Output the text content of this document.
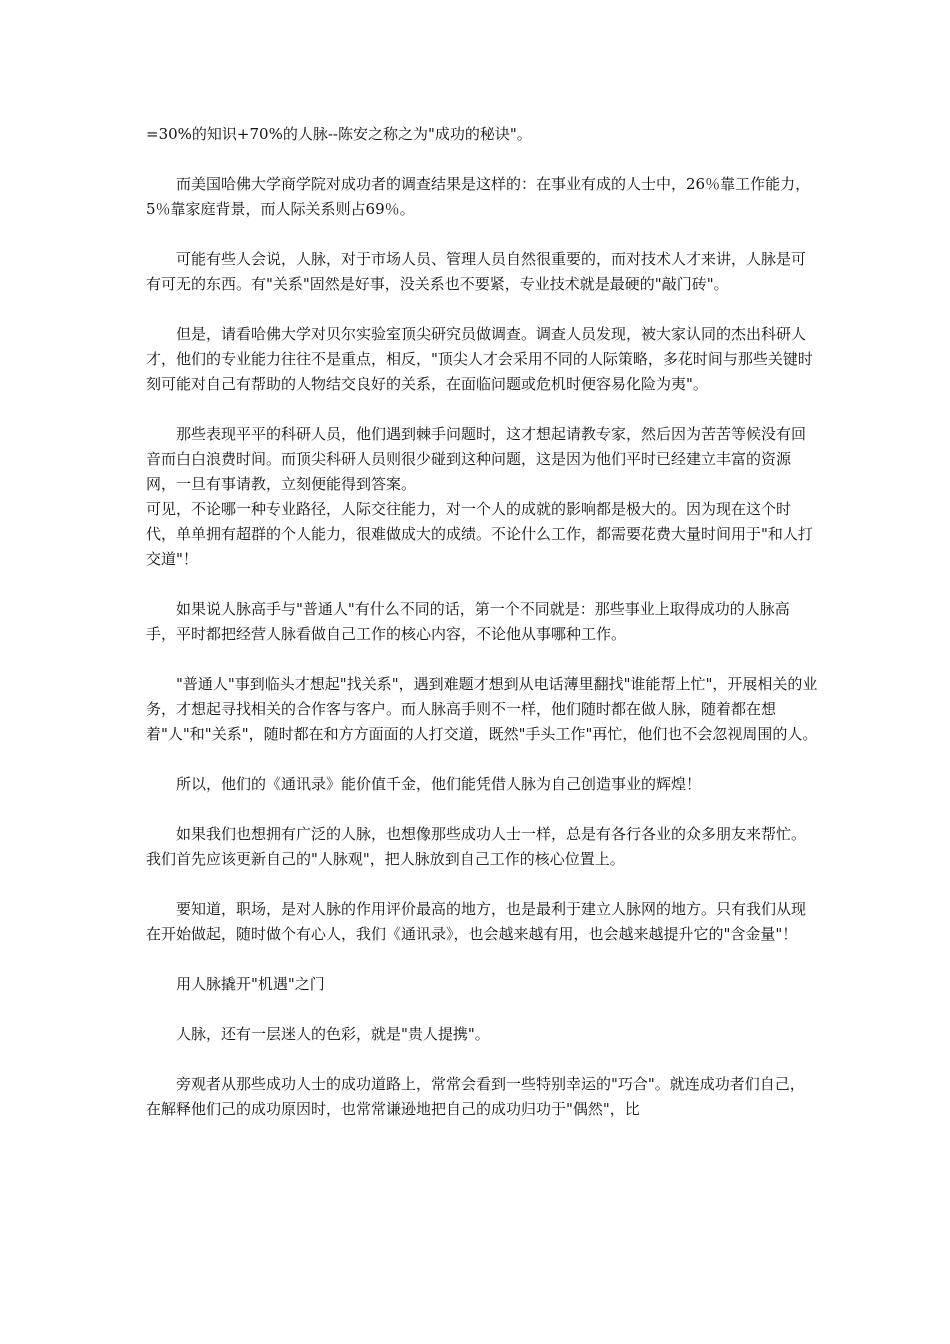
=30%的知识+70%的人脉--陈安之称之为"成功的秘诀"。

而美国哈佛大学商学院对成功者的调查结果是这样的：在事业有成的人士中，26％靠工作能力，5％靠家庭背景，而人际关系则占69％。

可能有些人会说，人脉，对于市场人员、管理人员自然很重要的，而对技术人才来讲，人脉是可有可无的东西。有"关系"固然是好事，没关系也不要紧，专业技术就是最硬的"敲门砖"。

但是，请看哈佛大学对贝尔实验室顶尖研究员做调查。调查人员发现，被大家认同的杰出科研人才，他们的专业能力往往不是重点，相反，"顶尖人才会采用不同的人际策略，多花时间与那些关键时刻可能对自己有帮助的人物结交良好的关系，在面临问题或危机时便容易化险为夷"。

那些表现平平的科研人员，他们遇到棘手问题时，这才想起请教专家，然后因为苦苦等候没有回音而白白浪费时间。而顶尖科研人员则很少碰到这种问题，这是因为他们平时已经建立丰富的资源网，一旦有事请教，立刻便能得到答案。

可见，不论哪一种专业路径，人际交往能力，对一个人的成就的影响都是极大的。因为现在这个时代，单单拥有超群的个人能力，很难做成大的成绩。不论什么工作，都需要花费大量时间用于"和人打交道"！

如果说人脉高手与"普通人"有什么不同的话，第一个不同就是：那些事业上取得成功的人脉高手，平时都把经营人脉看做自己工作的核心内容，不论他从事哪种工作。

"普通人"事到临头才想起"找关系"，遇到难题才想到从电话薄里翻找"谁能帮上忙"，开展相关的业务，才想起寻找相关的合作客与客户。而人脉高手则不一样，他们随时都在做人脉，随着都在想着"人"和"关系"，随时都在和方方面面的人打交道，既然"手头工作"再忙，他们也不会忽视周围的人。

所以，他们的《通讯录》能价值千金，他们能凭借人脉为自己创造事业的辉煌！

如果我们也想拥有广泛的人脉，也想像那些成功人士一样，总是有各行各业的众多朋友来帮忙。我们首先应该更新自己的"人脉观"，把人脉放到自己工作的核心位置上。

要知道，职场，是对人脉的作用评价最高的地方，也是最利于建立人脉网的地方。只有我们从现在开始做起，随时做个有心人，我们《通讯录》，也会越来越有用，也会越来越提升它的"含金量"！

用人脉撬开"机遇"之门

人脉，还有一层迷人的色彩，就是"贵人提携"。

旁观者从那些成功人士的成功道路上，常常会看到一些特别幸运的"巧合"。就连成功者们自己，在解释他们己的成功原因时，也常常谦逊地把自己的成功归功于"偶然"，比
